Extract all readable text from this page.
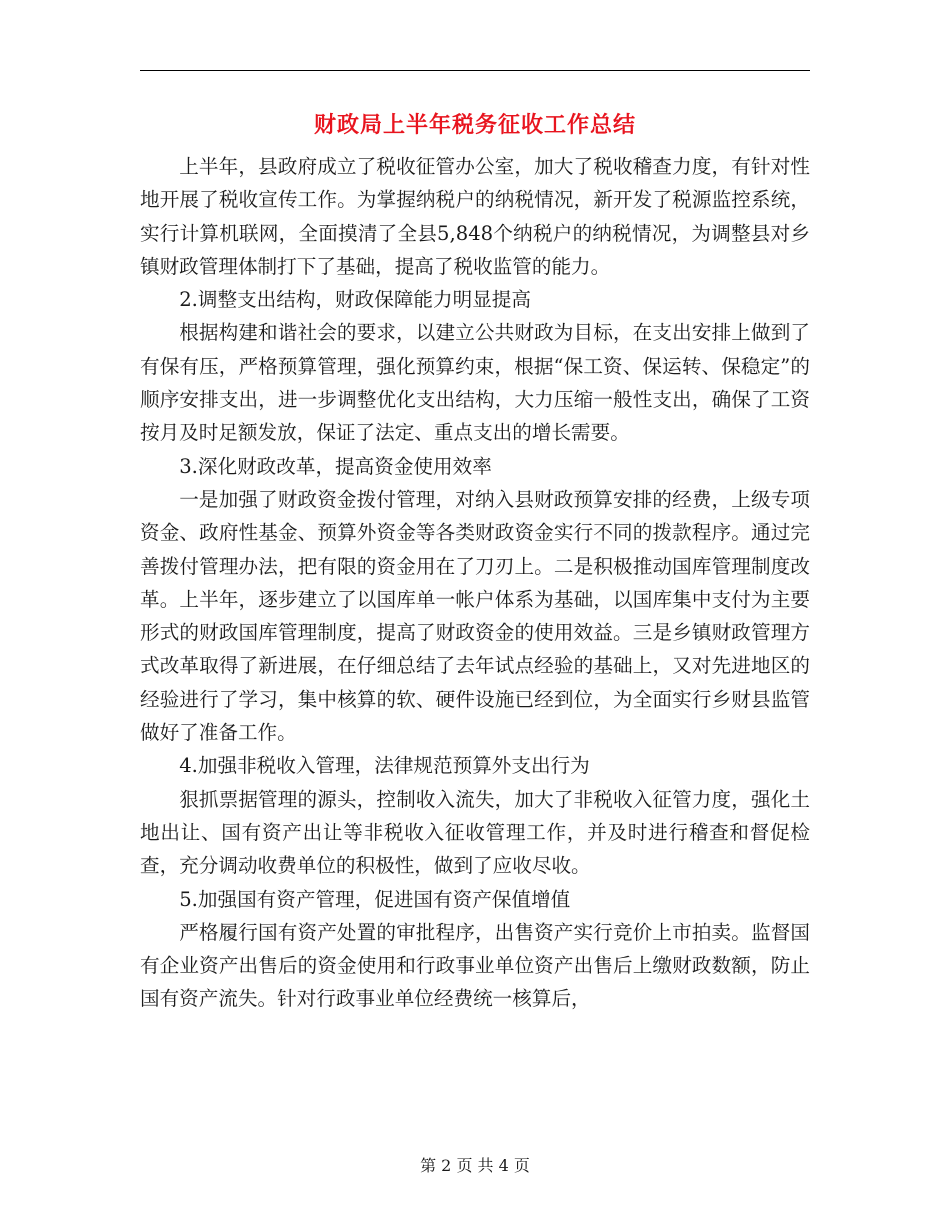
财政局上半年税务征收工作总结

上半年，县政府成立了税收征管办公室，加大了税收稽查力度，有针对性地开展了税收宣传工作。为掌握纳税户的纳税情况，新开发了税源监控系统，实行计算机联网，全面摸清了全县5,848个纳税户的纳税情况，为调整县对乡镇财政管理体制打下了基础，提高了税收监管的能力。

2.调整支出结构，财政保障能力明显提高

根据构建和谐社会的要求，以建立公共财政为目标，在支出安排上做到了有保有压，严格预算管理，强化预算约束，根据“保工资、保运转、保稳定”的顺序安排支出，进一步调整优化支出结构，大力压缩一般性支出，确保了工资按月及时足额发放，保证了法定、重点支出的增长需要。

3.深化财政改革，提高资金使用效率

一是加强了财政资金拨付管理，对纳入县财政预算安排的经费，上级专项资金、政府性基金、预算外资金等各类财政资金实行不同的拨款程序。通过完善拨付管理办法，把有限的资金用在了刀刃上。二是积极推动国库管理制度改革。上半年，逐步建立了以国库单一帐户体系为基础，以国库集中支付为主要形式的财政国库管理制度，提高了财政资金的使用效益。三是乡镇财政管理方式改革取得了新进展，在仔细总结了去年试点经验的基础上，又对先进地区的经验进行了学习，集中核算的软、硬件设施已经到位，为全面实行乡财县监管做好了准备工作。

4.加强非税收入管理，法律规范预算外支出行为

狠抓票据管理的源头，控制收入流失，加大了非税收入征管力度，强化土地出让、国有资产出让等非税收入征收管理工作，并及时进行稽查和督促检查，充分调动收费单位的积极性，做到了应收尽收。

5.加强国有资产管理，促进国有资产保值增值

严格履行国有资产处置的审批程序，出售资产实行竞价上市拍卖。监督国有企业资产出售后的资金使用和行政事业单位资产出售后上缴财政数额，防止国有资产流失。针对行政事业单位经费统一核算后，

第 2 页 共 4 页
